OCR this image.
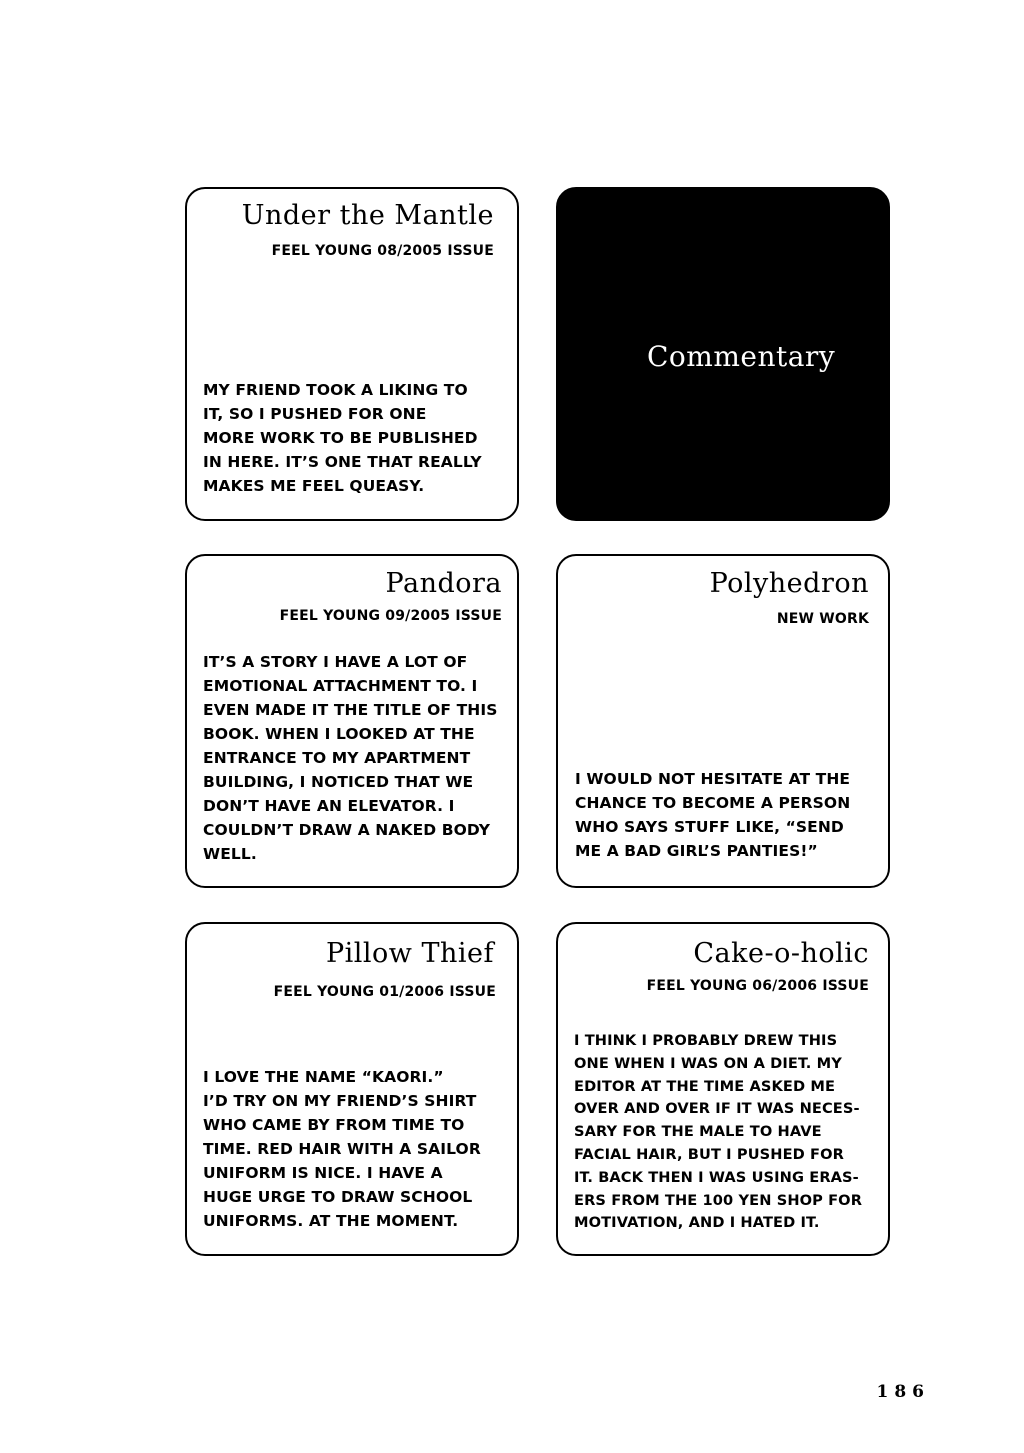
Under the Mantle
FEEL YOUNG 08/2005 ISSUE
MY FRIEND TOOK A LIKING TO
IT, SO I PUSHED FOR ONE
MORE WORK TO BE PUBLISHED
IN HERE. IT’S ONE THAT REALLY
MAKES ME FEEL QUEASY.
Commentary
Pandora
FEEL YOUNG 09/2005 ISSUE
IT’S A STORY I HAVE A LOT OF
EMOTIONAL ATTACHMENT TO. I
EVEN MADE IT THE TITLE OF THIS
BOOK. WHEN I LOOKED AT THE
ENTRANCE TO MY APARTMENT
BUILDING, I NOTICED THAT WE
DON’T HAVE AN ELEVATOR. I
COULDN’T DRAW A NAKED BODY
WELL.
Polyhedron
NEW WORK
I WOULD NOT HESITATE AT THE
CHANCE TO BECOME A PERSON
WHO SAYS STUFF LIKE, “SEND
ME A BAD GIRL’S PANTIES!”
Pillow Thief
FEEL YOUNG 01/2006 ISSUE
I LOVE THE NAME “KAORI.”
I’D TRY ON MY FRIEND’S SHIRT
WHO CAME BY FROM TIME TO
TIME. RED HAIR WITH A SAILOR
UNIFORM IS NICE. I HAVE A
HUGE URGE TO DRAW SCHOOL
UNIFORMS. AT THE MOMENT.
Cake-o-holic
FEEL YOUNG 06/2006 ISSUE
I THINK I PROBABLY DREW THIS
ONE WHEN I WAS ON A DIET. MY
EDITOR AT THE TIME ASKED ME
OVER AND OVER IF IT WAS NECES-
SARY FOR THE MALE TO HAVE
FACIAL HAIR, BUT I PUSHED FOR
IT. BACK THEN I WAS USING ERAS-
ERS FROM THE 100 YEN SHOP FOR
MOTIVATION, AND I HATED IT.
186
